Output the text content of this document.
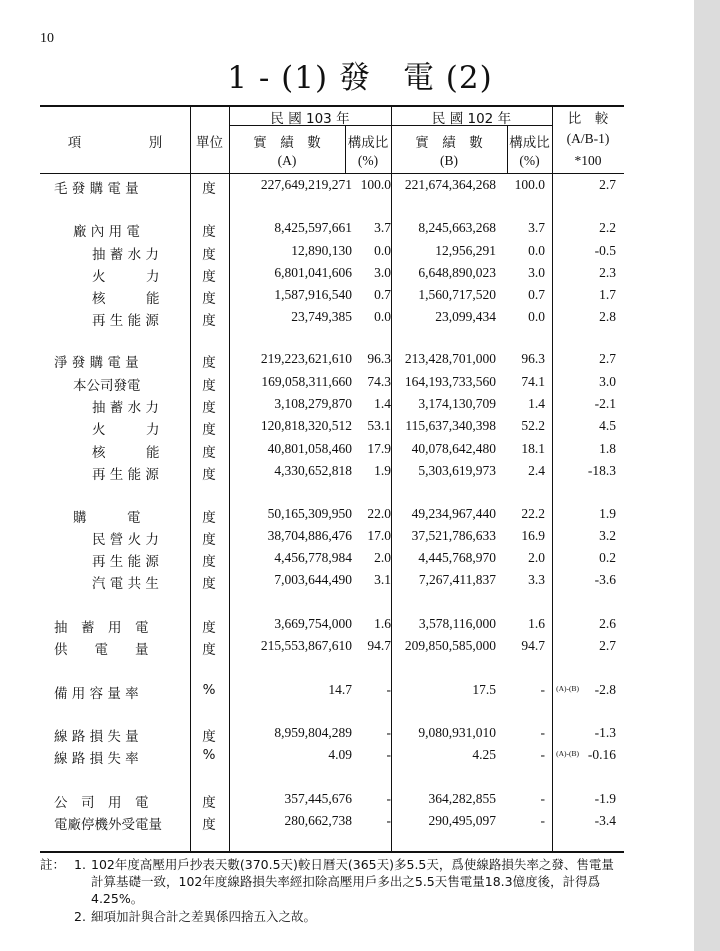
10
1 - (1) 發　電 (2)
項　　　　　別	單位
民 國 103 年	民 國 102 年	比　較
實　績　數	構成比	實　績　數	構成比	(A/B-1)
(A)	(%)	(B)	(%)	*100
毛 發 購 電 量	度	227,649,219,271 100.0 221,674,364,268 100.0	2.7
廠 內 用 電	度	8,425,597,661 3.7 8,245,663,268 3.7	2.2
抽 蓄 水 力	度	12,890,130 0.0	12,956,291 0.0	-0.5
火　　　力	度	6,801,041,606 3.0 6,648,890,023 3.0	2.3
核　　　能	度	1,587,916,540 0.7 1,560,717,520 0.7	1.7
再 生 能 源	度	23,749,385 0.0	23,099,434 0.0	2.8
淨 發 購 電 量	度	219,223,621,610 96.3 213,428,701,000 96.3	2.7
本公司發電	度	169,058,311,660 74.3 164,193,733,560 74.1	3.0
抽 蓄 水 力	度	3,108,279,870 1.4 3,174,130,709 1.4	-2.1
火　　　力	度	120,818,320,512 53.1 115,637,340,398 52.2	4.5
核　　　能	度	40,801,058,460 17.9 40,078,642,480 18.1	1.8
再 生 能 源	度	4,330,652,818 1.9 5,303,619,973 2.4	-18.3
購　　　電	度	50,165,309,950 22.0 49,234,967,440 22.2	1.9
民 營 火 力	度	38,704,886,476 17.0 37,521,786,633 16.9	3.2
再 生 能 源	度	4,456,778,984 2.0 4,445,768,970 2.0	0.2
汽 電 共 生	度	7,003,644,490 3.1 7,267,411,837 3.3	-3.6
抽　蓄　用　電	度	3,669,754,000 1.6 3,578,116,000 1.6	2.6
供　　電　　量	度	215,553,867,610 94.7 209,850,585,000 94.7	2.7
備 用 容 量 率	%	14.7	-	17.5	-	-2.8
(A)-(B)
線 路 損 失 量	度	8,959,804,289	- 9,080,931,010	-	-1.3
線 路 損 失 率	%	4.09	-	4.25	-	-0.16
(A)-(B)
公　司　用　電	度	357,445,676	-	364,282,855	-	-1.9
電廠停機外受電量	度	280,662,738	-	290,495,097	-	-3.4
註： 1. 102年度高壓用戶抄表天數(370.5天)較日曆天(365天)多5.5天，爲使線路損失率之發、售電量
計算基礎一致，102年度線路損失率經扣除高壓用戶多出之5.5天售電量18.3億度後，計得爲
4.25%。
2. 細項加計與合計之差異係四捨五入之故。
